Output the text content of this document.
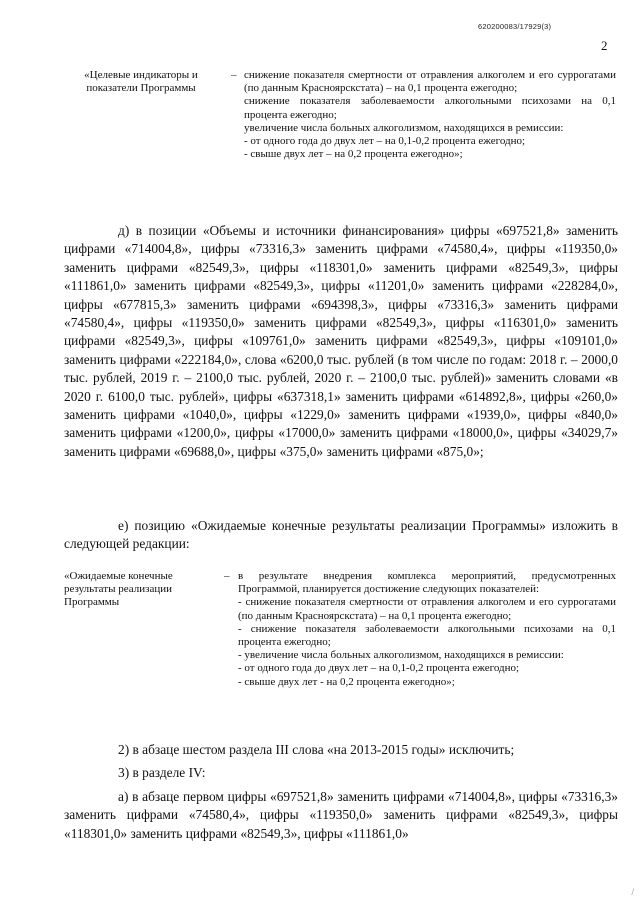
620200083/17929(3)
2
«Целевые индикаторы и показатели Программы
– снижение показателя смертности от отравления алкоголем и его суррогатами (по данным Красноярскстата) – на 0,1 процента ежегодно;

снижение показателя заболеваемости алкогольными психозами на 0,1 процента ежегодно;

увеличение числа больных алкоголизмом, находящихся в ремиссии:

- от одного года до двух лет – на 0,1-0,2 процента ежегодно;

- свыше двух лет – на 0,2 процента ежегодно»;

д) в позиции «Объемы и источники финансирования» цифры «697521,8» заменить цифрами «714004,8», цифры «73316,3» заменить цифрами «74580,4», цифры «119350,0» заменить цифрами «82549,3», цифры «118301,0» заменить цифрами «82549,3», цифры «111861,0» заменить цифрами «82549,3», цифры «11201,0» заменить цифрами «228284,0», цифры «677815,3» заменить цифрами «694398,3», цифры «73316,3» заменить цифрами «74580,4», цифры «119350,0» заменить цифрами «82549,3», цифры «116301,0» заменить цифрами «82549,3», цифры «109761,0» заменить цифрами «82549,3», цифры «109101,0» заменить цифрами «222184,0», слова «6200,0 тыс. рублей (в том числе по годам: 2018 г. – 2000,0 тыс. рублей, 2019 г. – 2100,0 тыс. рублей, 2020 г. – 2100,0 тыс. рублей)» заменить словами «в 2020 г. 6100,0 тыс. рублей», цифры «637318,1» заменить цифрами «614892,8», цифры «260,0» заменить цифрами «1040,0», цифры «1229,0» заменить цифрами «1939,0», цифры «840,0» заменить цифрами «1200,0», цифры «17000,0» заменить цифрами «18000,0», цифры «34029,7» заменить цифрами «69688,0», цифры «375,0» заменить цифрами «875,0»;

е) позицию «Ожидаемые конечные результаты реализации Программы» изложить в следующей редакции:

«Ожидаемые конечные результаты реализации Программы
– в результате внедрения комплекса мероприятий, предусмотренных Программой, планируется достижение следующих показателей:

- снижение показателя смертности от отравления алкоголем и его суррогатами (по данным Красноярскстата) – на 0,1 процента ежегодно;

- снижение показателя заболеваемости алкогольными психозами на 0,1 процента ежегодно;

- увеличение числа больных алкоголизмом, находящихся в ремиссии:

- от одного года до двух лет – на 0,1-0,2 процента ежегодно;

- свыше двух лет - на 0,2 процента ежегодно»;

2) в абзаце шестом раздела III слова «на 2013-2015 годы» исключить;

3) в разделе IV:

а) в абзаце первом цифры «697521,8» заменить цифрами «714004,8», цифры «73316,3» заменить цифрами «74580,4», цифры «119350,0» заменить цифрами «82549,3», цифры «118301,0» заменить цифрами «82549,3», цифры «111861,0»

/
